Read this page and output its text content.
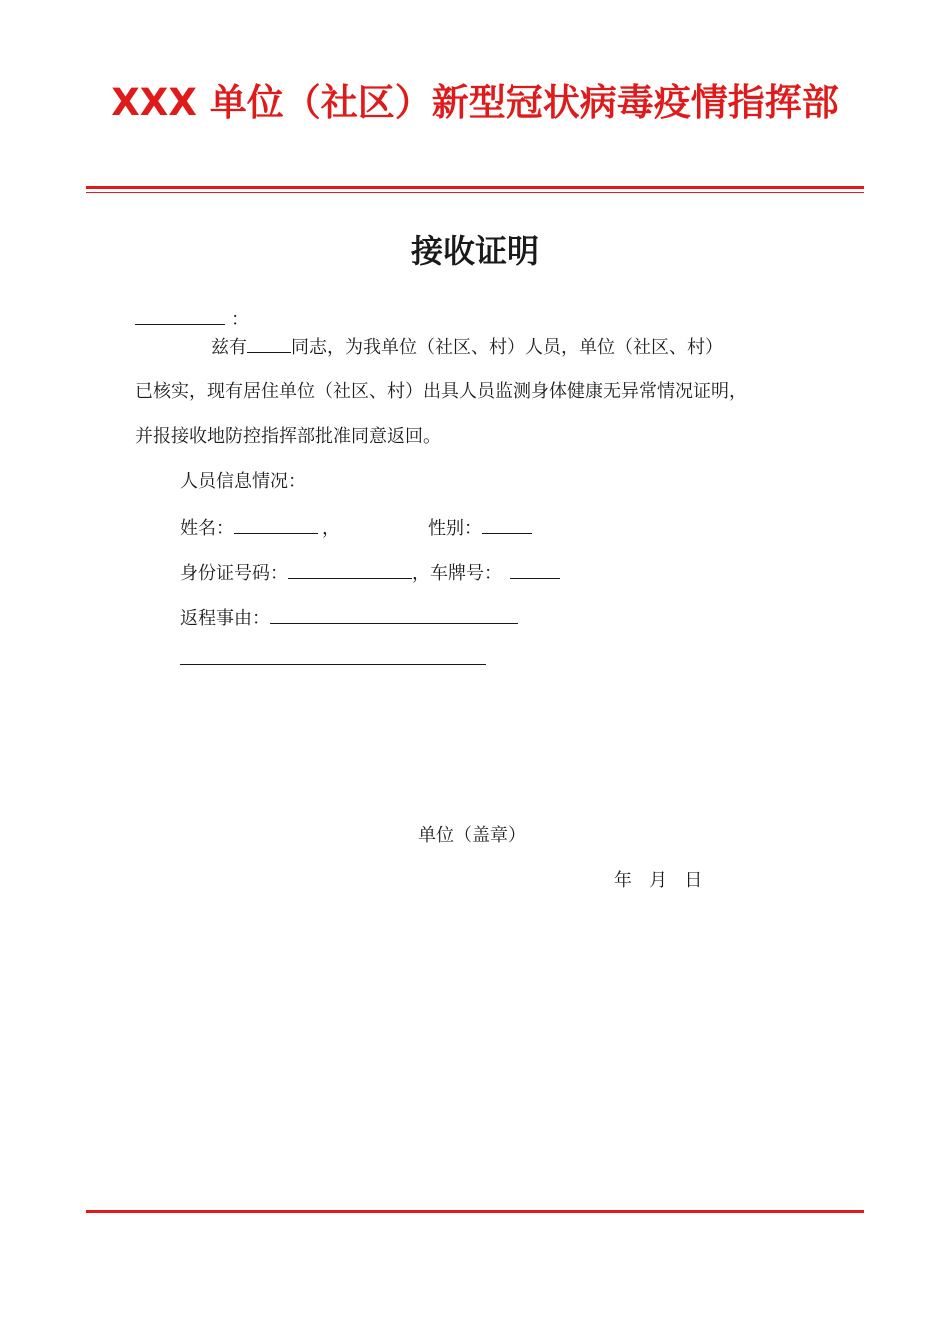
XXX 单位（社区）新型冠状病毒疫情指挥部
接收证明
：
兹有 同志，为我单位（社区、村）人员，单位（社区、村）
已核实，现有居住单位（社区、村）出具人员监测身体健康无异常情况证明，
并报接收地防控指挥部批准同意返回。
人员信息情况：
姓名：	，	性别：
身份证号码：	，车牌号：
返程事由：
单位（盖章）
年   月   日
